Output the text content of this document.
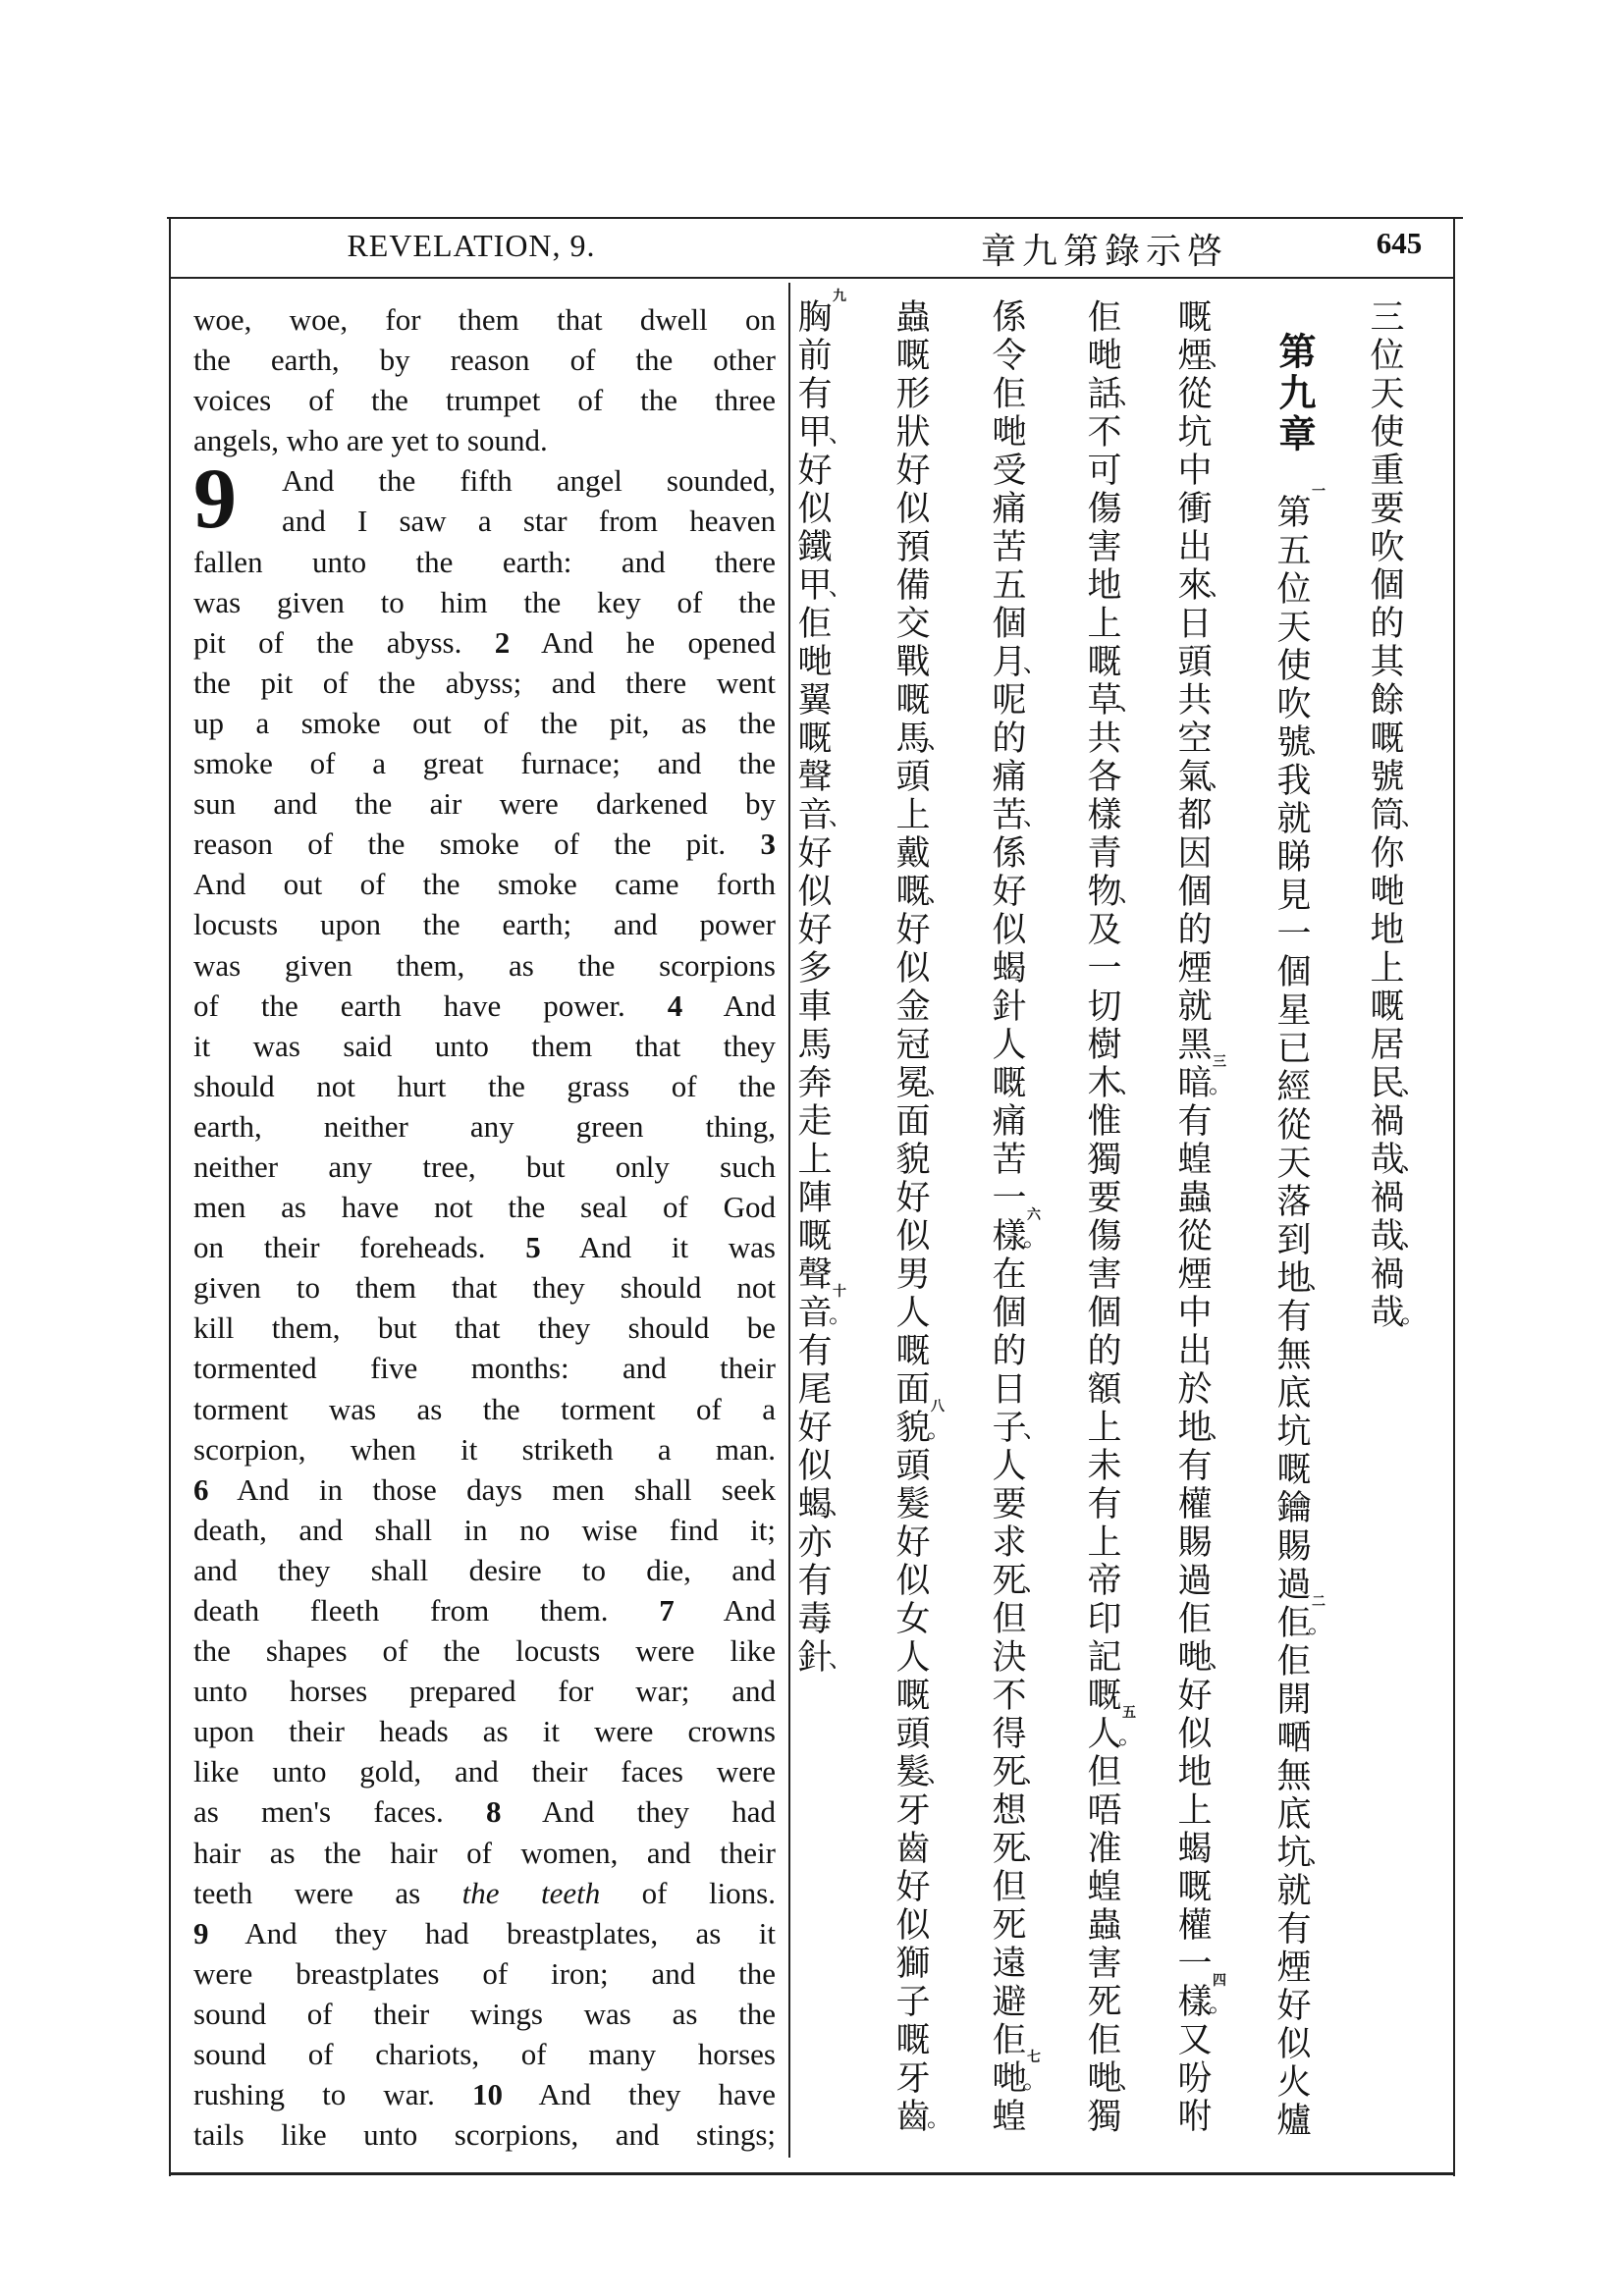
REVELATION, 9.	章九第錄示啓	645
9
woe, woe, for them that dwell on
the earth, by reason of the other
voices of the trumpet of the three
angels, who are yet to sound.
And the fifth angel sounded,
and I saw a star from heaven
fallen unto the earth: and there
was given to him the key of the
pit of the abyss. 2 And he opened
the pit of the abyss; and there went
up a smoke out of the pit, as the
smoke of a great furnace; and the
sun and the air were darkened by
reason of the smoke of the pit. 3
And out of the smoke came forth
locusts upon the earth; and power
was given them, as the scorpions
of the earth have power. 4 And
it was said unto them that they
should not hurt the grass of the
earth, neither any green thing,
neither any tree, but only such
men as have not the seal of God
on their foreheads. 5 And it was
given to them that they should not
kill them, but that they should be
tormented five months: and their
torment was as the torment of a
scorpion, when it striketh a man.
6 And in those days men shall seek
death, and shall in no wise find it;
and they shall desire to die, and
death fleeth from them. 7 And
the shapes of the locusts were like
unto horses prepared for war; and
upon their heads as it were crowns
like unto gold, and their faces were
as men's faces. 8 And they had
hair as the hair of women, and their
teeth were as the teeth of lions.
9 And they had breastplates, as it
were breastplates of iron; and the
sound of their wings was as the
sound of chariots, of many horses
rushing to war. 10 And they have
tails like unto scorpions, and stings;
三
位
天
使
重
要
吹
個
的
其
餘
嘅
號
筒
、
你
哋
地
上
嘅
居
民
、
禍
哉
、
禍
哉
、
禍
哉
。
第九章
第
一
五
位
天
使
吹
號
、
我
就
睇
見
一
個
星
已
經
從
天
落
到
地
、
有
無
底
坑
嘅
鑰
賜
過
佢
。
二
佢
開
嗮
無
底
坑
、
就
有
煙
好
似
火
爐
嘅
煙
、
從
坑
中
衝
出
來
、
日
頭
共
空
氣
、
都
因
個
的
煙
就
黑
暗
。
三
有
蝗
蟲
從
煙
中
出
於
地
、
有
權
賜
過
佢
哋
、
好
似
地
上
蝎
嘅
權
一
樣
。
四
又
吩
咐
佢
哋
話
、
不
可
傷
害
地
上
嘅
草
、
共
各
樣
青
物
、
及
一
切
樹
木
、
惟
獨
要
傷
害
個
的
額
上
未
有
上
帝
印
記
嘅
人
。
五
但
唔
准
蝗
蟲
害
死
佢
哋
、
獨
係
令
佢
哋
受
痛
苦
五
個
月
、
呢
的
痛
苦
、
係
好
似
蝎
針
人
嘅
痛
苦
一
樣
。
六
在
個
的
日
子
、
人
要
求
死
、
但
決
不
得
死
、
想
死
、
但
死
遠
避
佢
哋
。
七
蝗
蟲
嘅
形
狀
好
似
預
備
交
戰
嘅
馬
、
頭
上
戴
嘅
、
好
似
金
冠
冕
、
面
貌
好
似
男
人
嘅
面
貌
。
八
頭
髮
好
似
女
人
嘅
頭
髮
、
牙
齒
好
似
獅
子
嘅
牙
齒
。
胸
九
前
有
甲
、
好
似
鐵
甲
、
佢
哋
翼
嘅
聲
音
、
好
似
好
多
車
馬
奔
走
上
陣
嘅
聲
音
。
十
有
尾
好
似
蝎
、
亦
有
毒
針
、
